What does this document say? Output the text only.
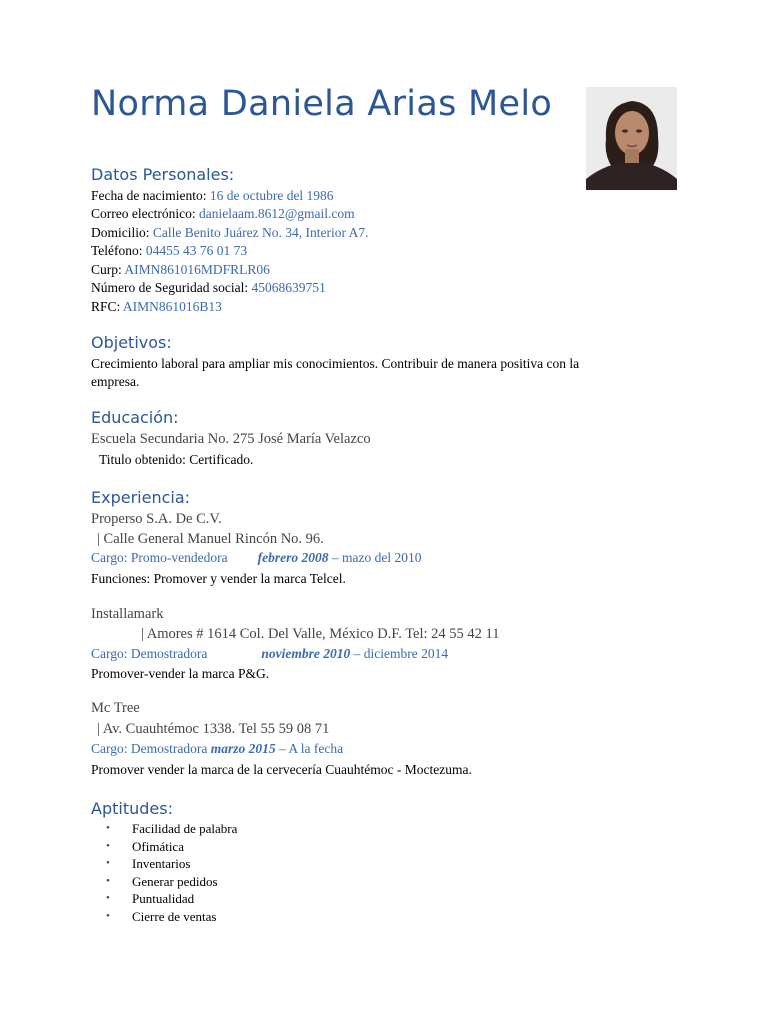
Norma Daniela Arias Melo
Datos Personales:
Fecha de nacimiento: 16 de octubre del 1986
Correo electrónico: danielaam.8612@gmail.com
Domicilio: Calle Benito Juárez No. 34, Interior A7.
Teléfono: 04455 43 76 01 73
Curp: AIMN861016MDFRLR06
Número de Seguridad social: 45068639751
RFC: AIMN861016B13
Objetivos:
Crecimiento laboral para ampliar mis conocimientos. Contribuir de manera positiva con la
empresa.
Educación:
Escuela Secundaria No. 275 José María Velazco
Titulo obtenido: Certificado.
Experiencia:
Properso S.A. De C.V.
| Calle General Manuel Rincón No. 96.
Cargo: Promo-vendedora febrero 2008 – mazo del 2010
Funciones: Promover y vender la marca Telcel.
Installamark
| Amores # 1614 Col. Del Valle, México D.F. Tel: 24 55 42 11
Cargo: Demostradora	noviembre 2010 – diciembre 2014
Promover-vender la marca P&G.
Mc Tree
| Av. Cuauhtémoc 1338. Tel 55 59 08 71
Cargo: Demostradora marzo 2015 – A la fecha
Promover vender la marca de la cervecería Cuauhtémoc - Moctezuma.
Aptitudes:
• Facilidad de palabra
• Ofimática
• Inventarios
• Generar pedidos
• Puntualidad
• Cierre de ventas
